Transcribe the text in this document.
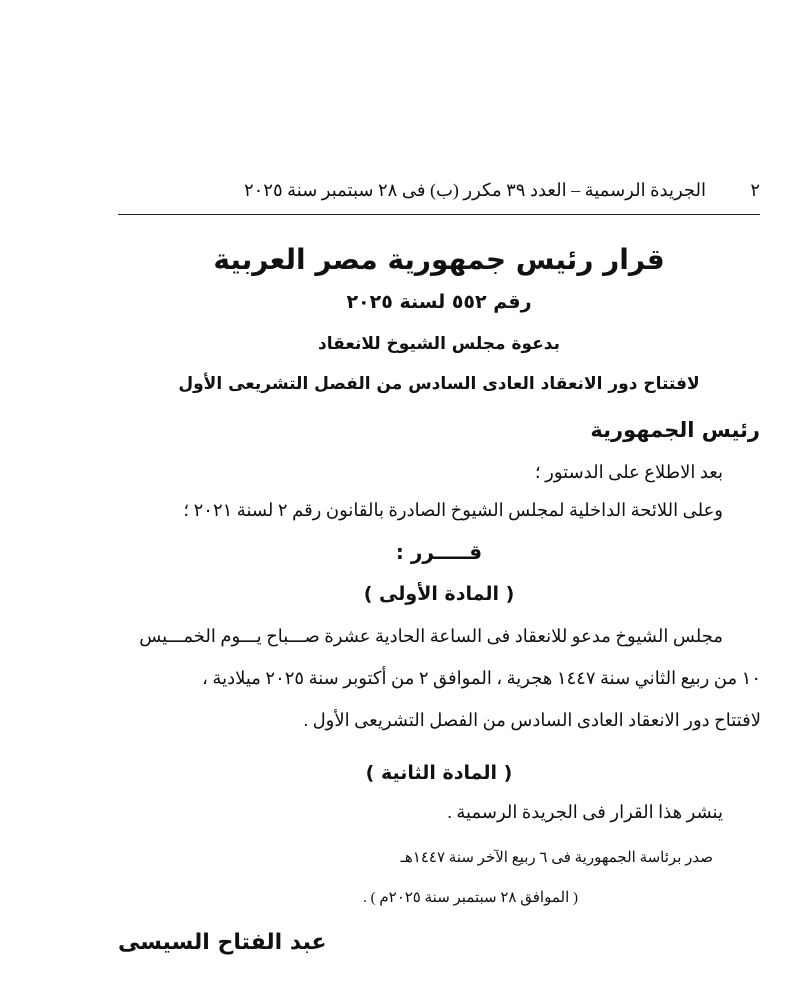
٢
الجريدة الرسمية – العدد ٣٩ مكرر (ب) فى ٢٨ سبتمبر سنة ٢٠٢٥
قرار رئيس جمهورية مصر العربية
رقم ٥٥٢ لسنة ٢٠٢٥
بدعوة مجلس الشيوخ للانعقاد
لافتتاح دور الانعقاد العادى السادس من الفصل التشريعى الأول
رئيس الجمهورية
بعد الاطلاع على الدستور ؛
وعلى اللائحة الداخلية لمجلس الشيوخ الصادرة بالقانون رقم ٢ لسنة ٢٠٢١ ؛
قـــــرر :
( المادة الأولى )
مجلس الشيوخ مدعو للانعقاد فى الساعة الحادية عشرة صـــباح يـــوم الخمـــيس
١٠ من ربيع الثاني سنة ١٤٤٧ هجرية ، الموافق ٢ من أكتوبر سنة ٢٠٢٥ ميلادية ،
لافتتاح دور الانعقاد العادى السادس من الفصل التشريعى الأول .
( المادة الثانية )
ينشر هذا القرار فى الجريدة الرسمية .
صدر برئاسة الجمهورية فى ٦ ربيع الآخر سنة ١٤٤٧هـ
( الموافق ٢٨ سبتمبر سنة ٢٠٢٥م ) .
عبد الفتاح السيسى
